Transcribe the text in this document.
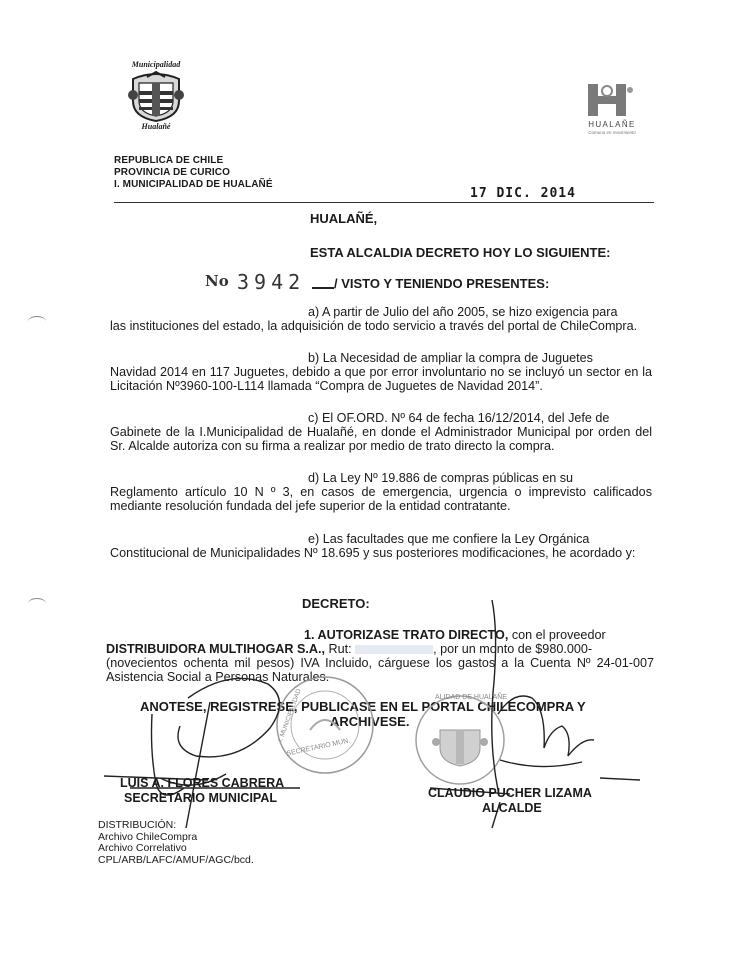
Municipalidad
Hualañé	HUALAÑE
Comuna en movimiento
REPUBLICA DE CHILE
PROVINCIA DE CURICO
I. MUNICIPALIDAD DE HUALAÑÉ
17 DIC. 2014
HUALAÑÉ,
ESTA ALCALDIA DECRETO HOY LO SIGUIENTE:
No 3942 / VISTO Y TENIENDO PRESENTES:
a) A partir de Julio del año 2005, se hizo exigencia para
las instituciones del estado, la adquisición de todo servicio a través del portal de ChileCompra.
b) La Necesidad de ampliar la compra de Juguetes
Navidad 2014 en 117 Juguetes, debido a que por error involuntario no se incluyó un sector en la Licitación Nº3960-100-L114 llamada “Compra de Juguetes de Navidad 2014”.
c) El OF.ORD. Nº 64 de fecha 16/12/2014, del Jefe de
Gabinete de la I.Municipalidad de Hualañé, en donde el Administrador Municipal por orden del Sr. Alcalde autoriza con su firma a realizar por medio de trato directo la compra.
d) La Ley Nº 19.886 de compras públicas en su
Reglamento artículo 10 N º 3, en casos de emergencia, urgencia o imprevisto calificados mediante resolución fundada del jefe superior de la entidad contratante.
e) Las facultades que me confiere la Ley Orgánica
Constitucional de Municipalidades Nº 18.695 y sus posteriores modificaciones, he acordado y:
DECRETO:
1. AUTORIZASE TRATO DIRECTO, con el proveedor
DISTRIBUIDORA MULTIHOGAR S.A., Rut:	, por un monto de $980.000-
(novecientos ochenta mil pesos) IVA Incluido, cárguese los gastos a la Cuenta Nº 24-01-007 Asistencia Social a Personas Naturales.
ANOTESE, REGISTRESE, PUBLICASE EN EL PORTAL CHILECOMPRA Y
ARCHIVESE.
SECRETARIO MUN.
I. MUNICIPALIDAD	ALIDAD DE HUALAÑE
LUIS A. FLORES CABRERA
SECRETARIO MUNICIPAL	CLAUDIO PUCHER LIZAMA
ALCALDE
DISTRIBUCIÓN:
Archivo ChileCompra
Archivo Correlativo
CPL/ARB/LAFC/AMUF/AGC/bcd.
